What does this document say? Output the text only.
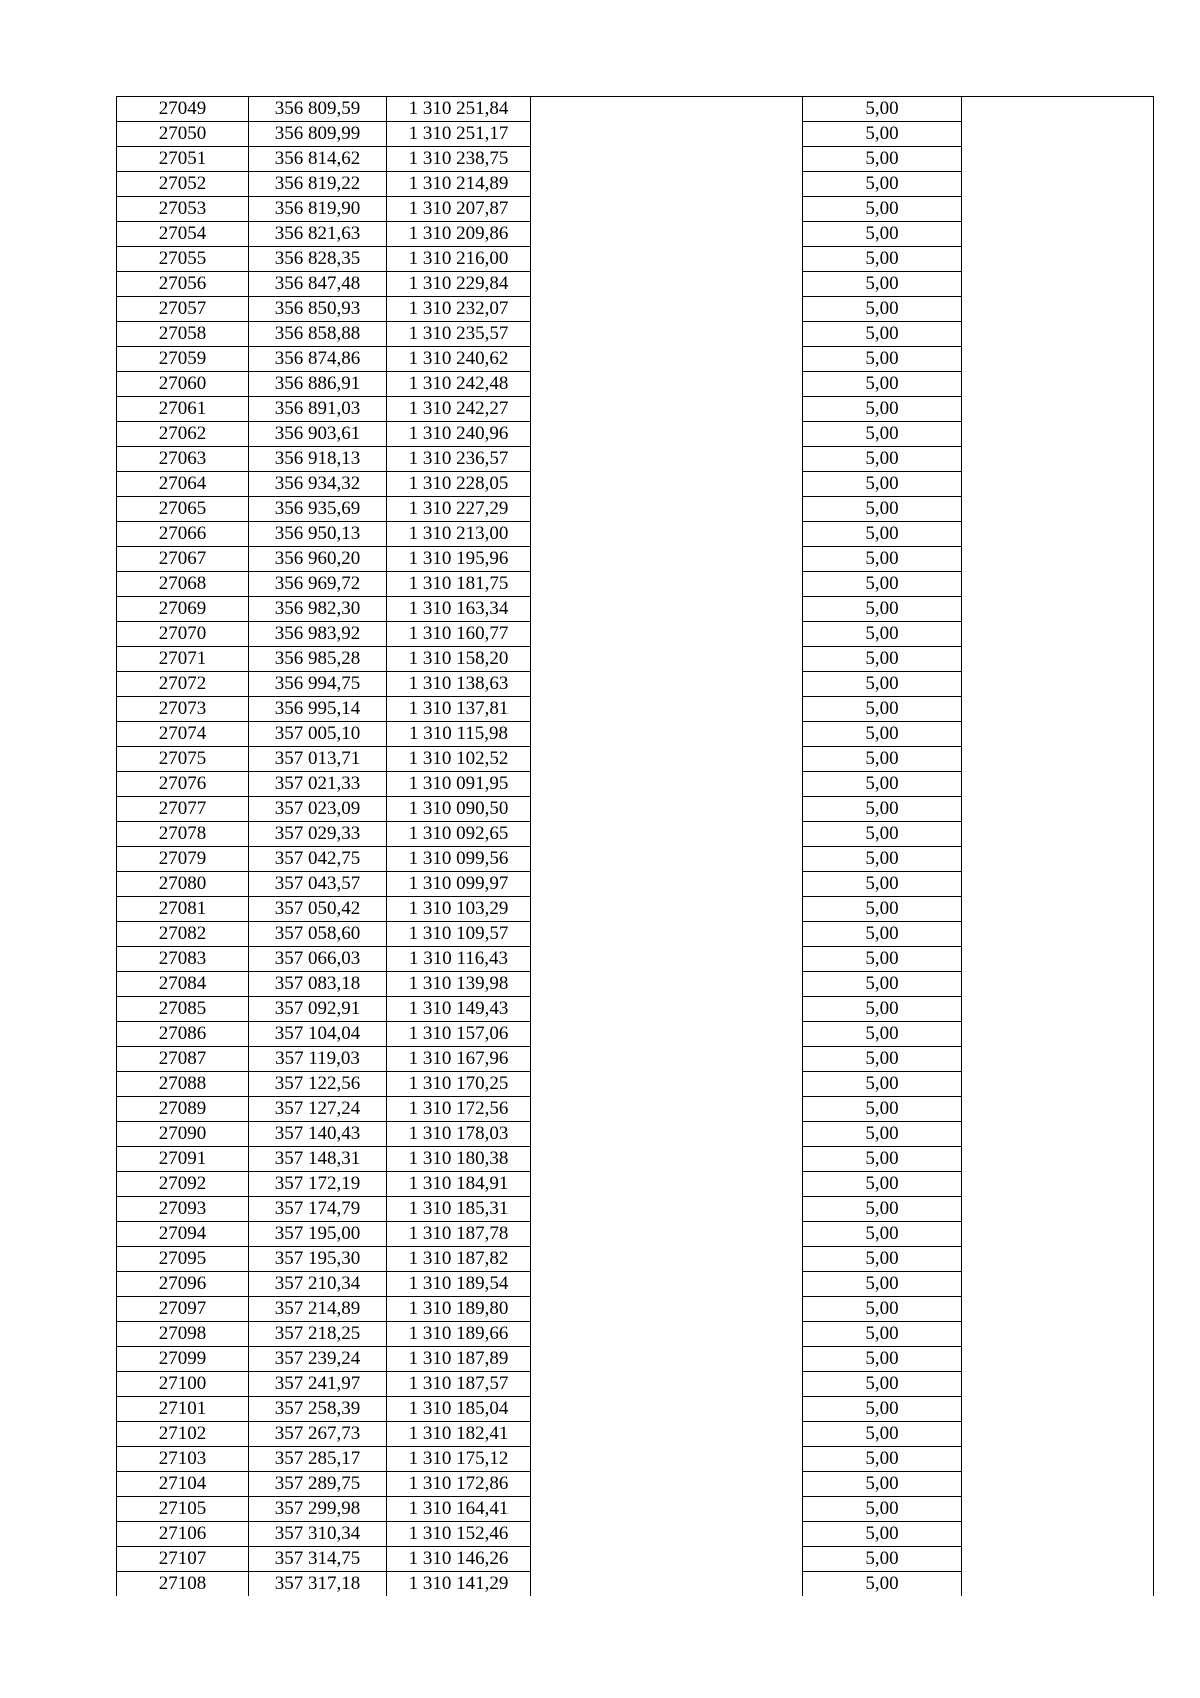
27049	356 809,59	1 310 251,84		5,00	
27050	356 809,99	1 310 251,17		5,00	
27051	356 814,62	1 310 238,75		5,00	
27052	356 819,22	1 310 214,89		5,00	
27053	356 819,90	1 310 207,87		5,00	
27054	356 821,63	1 310 209,86		5,00	
27055	356 828,35	1 310 216,00		5,00	
27056	356 847,48	1 310 229,84		5,00	
27057	356 850,93	1 310 232,07		5,00	
27058	356 858,88	1 310 235,57		5,00	
27059	356 874,86	1 310 240,62		5,00	
27060	356 886,91	1 310 242,48		5,00	
27061	356 891,03	1 310 242,27		5,00	
27062	356 903,61	1 310 240,96		5,00	
27063	356 918,13	1 310 236,57		5,00	
27064	356 934,32	1 310 228,05		5,00	
27065	356 935,69	1 310 227,29		5,00	
27066	356 950,13	1 310 213,00		5,00	
27067	356 960,20	1 310 195,96		5,00	
27068	356 969,72	1 310 181,75		5,00	
27069	356 982,30	1 310 163,34		5,00	
27070	356 983,92	1 310 160,77		5,00	
27071	356 985,28	1 310 158,20		5,00	
27072	356 994,75	1 310 138,63		5,00	
27073	356 995,14	1 310 137,81		5,00	
27074	357 005,10	1 310 115,98		5,00	
27075	357 013,71	1 310 102,52		5,00	
27076	357 021,33	1 310 091,95		5,00	
27077	357 023,09	1 310 090,50		5,00	
27078	357 029,33	1 310 092,65		5,00	
27079	357 042,75	1 310 099,56		5,00	
27080	357 043,57	1 310 099,97		5,00	
27081	357 050,42	1 310 103,29		5,00	
27082	357 058,60	1 310 109,57		5,00	
27083	357 066,03	1 310 116,43		5,00	
27084	357 083,18	1 310 139,98		5,00	
27085	357 092,91	1 310 149,43		5,00	
27086	357 104,04	1 310 157,06		5,00	
27087	357 119,03	1 310 167,96		5,00	
27088	357 122,56	1 310 170,25		5,00	
27089	357 127,24	1 310 172,56		5,00	
27090	357 140,43	1 310 178,03		5,00	
27091	357 148,31	1 310 180,38		5,00	
27092	357 172,19	1 310 184,91		5,00	
27093	357 174,79	1 310 185,31		5,00	
27094	357 195,00	1 310 187,78		5,00	
27095	357 195,30	1 310 187,82		5,00	
27096	357 210,34	1 310 189,54		5,00	
27097	357 214,89	1 310 189,80		5,00	
27098	357 218,25	1 310 189,66		5,00	
27099	357 239,24	1 310 187,89		5,00	
27100	357 241,97	1 310 187,57		5,00	
27101	357 258,39	1 310 185,04		5,00	
27102	357 267,73	1 310 182,41		5,00	
27103	357 285,17	1 310 175,12		5,00	
27104	357 289,75	1 310 172,86		5,00	
27105	357 299,98	1 310 164,41		5,00	
27106	357 310,34	1 310 152,46		5,00	
27107	357 314,75	1 310 146,26		5,00	
27108	357 317,18	1 310 141,29		5,00	
